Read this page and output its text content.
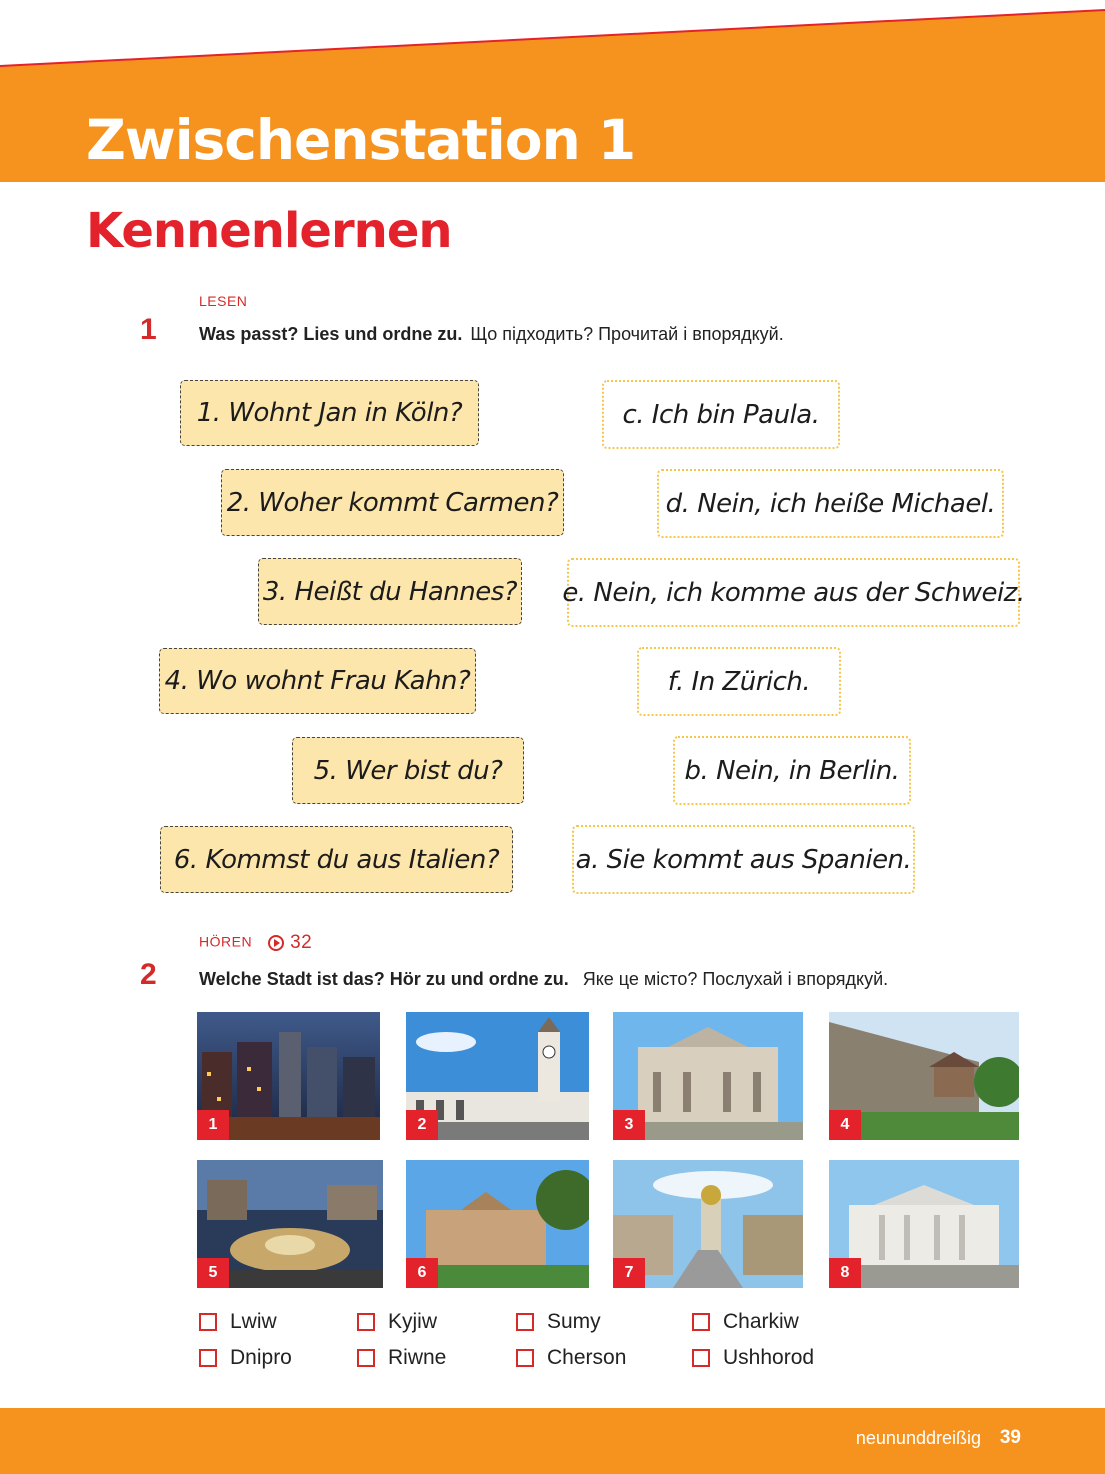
Zwischenstation 1
Kennenlernen
LESEN
1 Was passt? Lies und ordne zu. Що підходить? Прочитай і впорядкуй.
1. Wohnt Jan in Köln?
2. Woher kommt Carmen?
3. Heißt du Hannes?
4. Wo wohnt Frau Kahn?
5. Wer bist du?
6. Kommst du aus Italien?
c. Ich bin Paula.
d. Nein, ich heiße Michael.
e. Nein, ich komme aus der Schweiz.
f. In Zürich.
b. Nein, in Berlin.
a. Sie kommt aus Spanien.
HÖREN 32
2 Welche Stadt ist das? Hör zu und ordne zu. Яке це місто? Послухай і впорядкуй.
1	2	3	4
5	6	7	8
Lwiw	Kyjiw	Sumy	Charkiw
Dnipro	Riwne	Cherson	Ushhorod
neununddreißig 39
